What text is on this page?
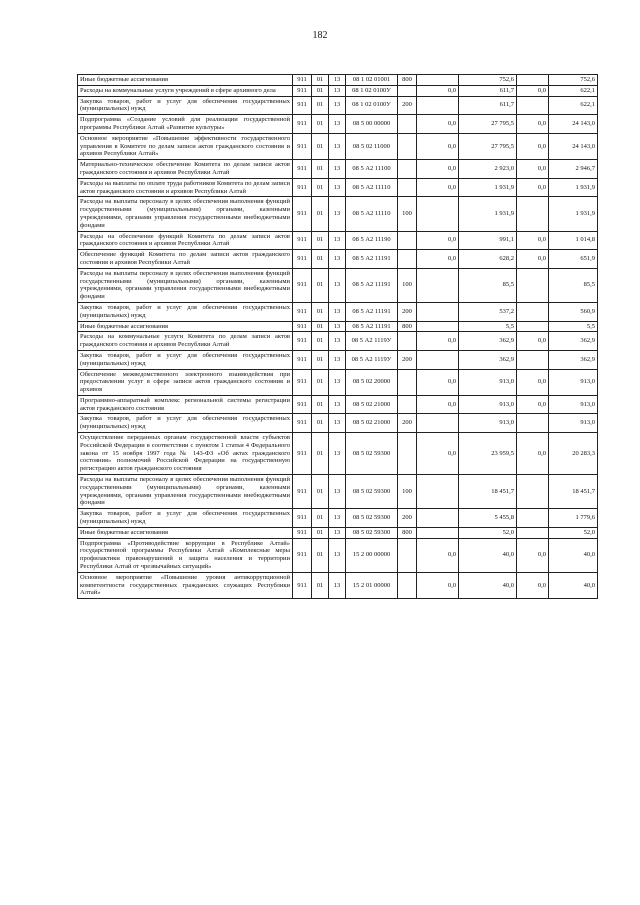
182
Иные бюджетные ассигнования	911	01	13	08 1 02 01001	800		752,6		752,6
Расходы на коммунальные услуги учреждений в сфере архивного дела	911	01	13	08 1 02 0100У		0,0	611,7	0,0	622,1
Закупка товаров, работ и услуг для обеспечения государственных (муниципальных) нужд	911	01	13	08 1 02 0100У	200		611,7		622,1
Подпрограмма «Создание условий для реализации государственной программы Республики Алтай «Развитие культуры»	911	01	13	08 5 00 00000		0,0	27 795,5	0,0	24 143,0
Основное мероприятие «Повышение эффективности государственного управления в Комитете по делам записи актов гражданского состояния и архивов Республики Алтай»	911	01	13	08 5 02 11000		0,0	27 795,5	0,0	24 143,0
Материально-техническое обеспечение Комитета по делам записи актов гражданского состояния и архивов Республики Алтай	911	01	13	08 5 А2 11100		0,0	2 923,0	0,0	2 946,7
Расходы на выплаты по оплате труда работников Комитета по делам записи актов гражданского состояния и архивов Республики Алтай	911	01	13	08 5 А2 11110		0,0	1 931,9	0,0	1 931,9
Расходы на выплаты персоналу в целях обеспечения выполнения функций государственными (муниципальными) органами, казенными учреждениями, органами управления государственными внебюджетными фондами	911	01	13	08 5 А2 11110	100		1 931,9		1 931,9
Расходы на обеспечение функций Комитета по делам записи актов гражданского состояния и архивов Республики Алтай	911	01	13	08 5 А2 11190		0,0	991,1	0,0	1 014,8
Обеспечение функций Комитета по делам записи актов гражданского состояния и архивов Республики Алтай	911	01	13	08 5 А2 11191		0,0	628,2	0,0	651,9
Расходы на выплаты персоналу в целях обеспечения выполнения функций государственными (муниципальными) органами, казенными учреждениями, органами управления государственными внебюджетными фондами	911	01	13	08 5 А2 11191	100		85,5		85,5
Закупка товаров, работ и услуг для обеспечения государственных (муниципальных) нужд	911	01	13	08 5 А2 11191	200		537,2		560,9
Иные бюджетные ассигнования	911	01	13	08 5 А2 11191	800		5,5		5,5
Расходы на коммунальные услуги Комитета по делам записи актов гражданского состояния и архивов Республики Алтай	911	01	13	08 5 А2 1119У		0,0	362,9	0,0	362,9
Закупка товаров, работ и услуг для обеспечения государственных (муниципальных) нужд	911	01	13	08 5 А2 1119У	200		362,9		362,9
Обеспечение межведомственного электронного взаимодействия при предоставлении услуг в сфере записи актов гражданского состояния и архивов	911	01	13	08 5 02 20000		0,0	913,0	0,0	913,0
Программно-аппаратный комплекс региональной системы регистрации актов гражданского состояния	911	01	13	08 5 02 21000		0,0	913,0	0,0	913,0
Закупка товаров, работ и услуг для обеспечения государственных (муниципальных) нужд	911	01	13	08 5 02 21000	200		913,0		913,0
Осуществление переданных органам государственной власти субъектов Российской Федерации в соответствии с пунктом 1 статьи 4 Федерального закона от 15 ноября 1997 года № 143-ФЗ «Об актах гражданского состояния» полномочий Российской Федерации на государственную регистрацию актов гражданского состояния	911	01	13	08 5 02 59300		0,0	23 959,5	0,0	20 283,3
Расходы на выплаты персоналу в целях обеспечения выполнения функций государственными (муниципальными) органами, казенными учреждениями, органами управления государственными внебюджетными фондами	911	01	13	08 5 02 59300	100		18 451,7		18 451,7
Закупка товаров, работ и услуг для обеспечения государственных (муниципальных) нужд	911	01	13	08 5 02 59300	200		5 455,8		1 779,6
Иные бюджетные ассигнования	911	01	13	08 5 02 59300	800		52,0		52,0
Подпрограмма «Противодействие коррупции в Республике Алтай» государственной программы Республики Алтай «Комплексные меры профилактики правонарушений и защита населения и территории Республики Алтай от чрезвычайных ситуаций»	911	01	13	15 2 00 00000		0,0	40,0	0,0	40,0
Основное мероприятие «Повышение уровня антикоррупционной компетентности государственных гражданских служащих Республики Алтай»	911	01	13	15 2 01 00000		0,0	40,0	0,0	40,0
